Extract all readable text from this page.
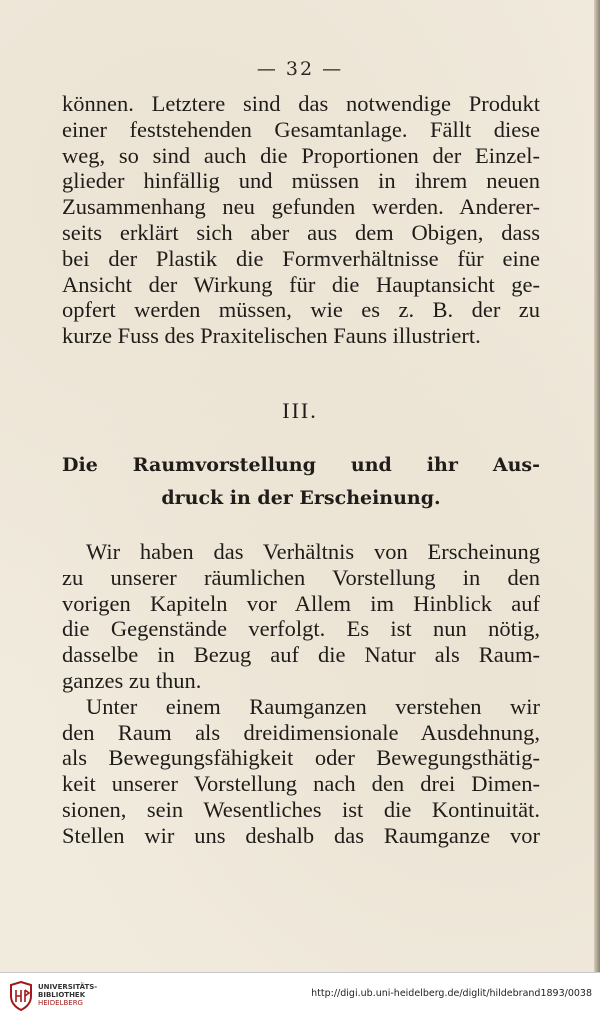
— 32 —
können. Letztere sind das notwendige Produkt
einer feststehenden Gesamtanlage. Fällt diese
weg, so sind auch die Proportionen der Einzel-
glieder hinfällig und müssen in ihrem neuen
Zusammenhang neu gefunden werden. Anderer-
seits erklärt sich aber aus dem Obigen, dass
bei der Plastik die Formverhältnisse für eine
Ansicht der Wirkung für die Hauptansicht ge-
opfert werden müssen, wie es z. B. der zu
kurze Fuss des Praxitelischen Fauns illustriert.
III.
Die Raumvorstellung und ihr Aus-
druck in der Erscheinung.
Wir haben das Verhältnis von Erscheinung
zu unserer räumlichen Vorstellung in den
vorigen Kapiteln vor Allem im Hinblick auf
die Gegenstände verfolgt. Es ist nun nötig,
dasselbe in Bezug auf die Natur als Raum-
ganzes zu thun.
Unter einem Raumganzen verstehen wir
den Raum als dreidimensionale Ausdehnung,
als Bewegungsfähigkeit oder Bewegungsthätig-
keit unserer Vorstellung nach den drei Dimen-
sionen, sein Wesentliches ist die Kontinuität.
Stellen wir uns deshalb das Raumganze vor
UNIVERSITÄTS-
BIBLIOTHEK
HEIDELBERG
http://digi.ub.uni-heidelberg.de/diglit/hildebrand1893/0038
